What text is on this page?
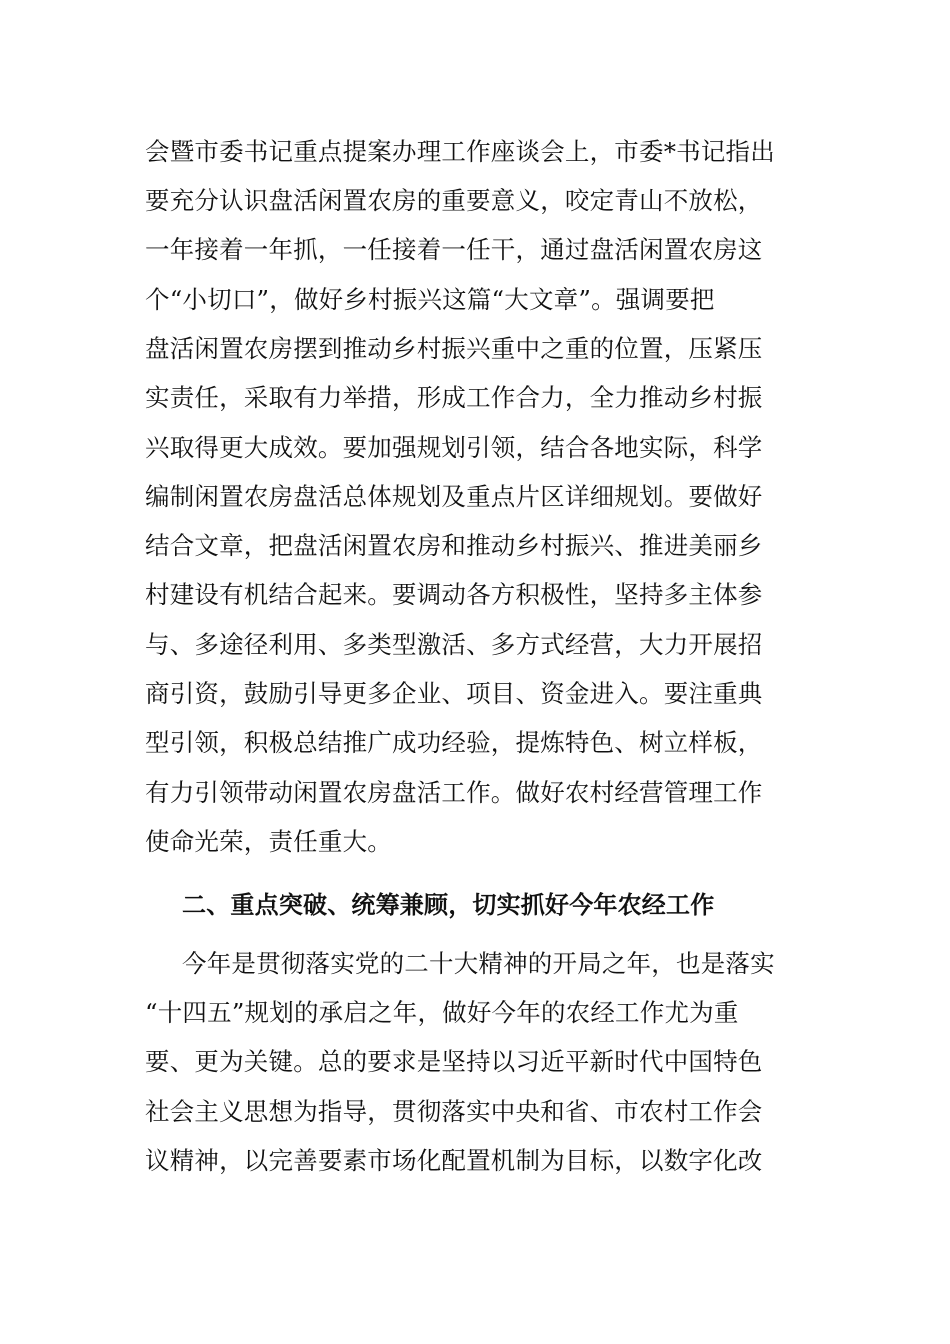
会暨市委书记重点提案办理工作座谈会上，市委*书记指出
要充分认识盘活闲置农房的重要意义，咬定青山不放松，
一年接着一年抓，一任接着一任干，通过盘活闲置农房这
个“小切口”，做好乡村振兴这篇“大文章”。强调要把
盘活闲置农房摆到推动乡村振兴重中之重的位置，压紧压
实责任，采取有力举措，形成工作合力，全力推动乡村振
兴取得更大成效。要加强规划引领，结合各地实际，科学
编制闲置农房盘活总体规划及重点片区详细规划。要做好
结合文章，把盘活闲置农房和推动乡村振兴、推进美丽乡
村建设有机结合起来。要调动各方积极性，坚持多主体参
与、多途径利用、多类型激活、多方式经营，大力开展招
商引资，鼓励引导更多企业、项目、资金进入。要注重典
型引领，积极总结推广成功经验，提炼特色、树立样板，
有力引领带动闲置农房盘活工作。做好农村经营管理工作
使命光荣，责任重大。
二、重点突破、统筹兼顾，切实抓好今年农经工作
今年是贯彻落实党的二十大精神的开局之年，也是落实
“十四五”规划的承启之年，做好今年的农经工作尤为重
要、更为关键。总的要求是坚持以习近平新时代中国特色
社会主义思想为指导，贯彻落实中央和省、市农村工作会
议精神，以完善要素市场化配置机制为目标，以数字化改
